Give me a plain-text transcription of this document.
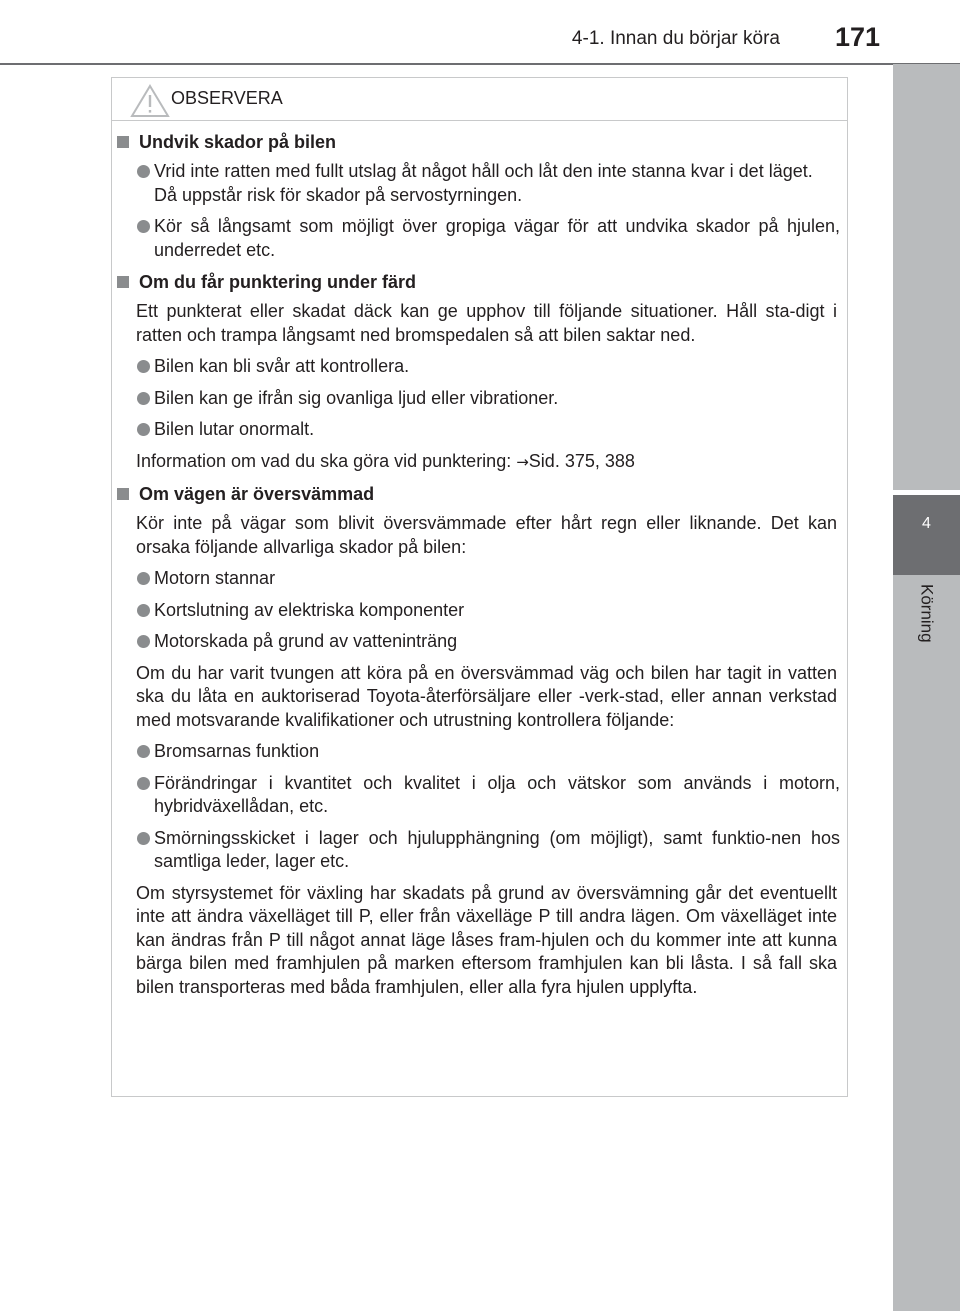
4-1. Innan du börjar köra 171
4
Körning
OBSERVERA
Undvik skador på bilen
Vrid inte ratten med fullt utslag åt något håll och låt den inte stanna kvar i det läget.
Då uppstår risk för skador på servostyrningen.
Kör så långsamt som möjligt över gropiga vägar för att undvika skador på hjulen, underredet etc.
Om du får punktering under färd
Ett punkterat eller skadat däck kan ge upphov till följande situationer. Håll sta-digt i ratten och trampa långsamt ned bromspedalen så att bilen saktar ned.
Bilen kan bli svår att kontrollera.
Bilen kan ge ifrån sig ovanliga ljud eller vibrationer.
Bilen lutar onormalt.
Information om vad du ska göra vid punktering: →Sid. 375, 388
Om vägen är översvämmad
Kör inte på vägar som blivit översvämmade efter hårt regn eller liknande. Det kan orsaka följande allvarliga skador på bilen:
Motorn stannar
Kortslutning av elektriska komponenter
Motorskada på grund av vatteninträng
Om du har varit tvungen att köra på en översvämmad väg och bilen har tagit in vatten ska du låta en auktoriserad Toyota-återförsäljare eller -verk-stad, eller annan verkstad med motsvarande kvalifikationer och utrustning kontrollera följande:
Bromsarnas funktion
Förändringar i kvantitet och kvalitet i olja och vätskor som används i motorn, hybridväxellådan, etc.
Smörningsskicket i lager och hjulupphängning (om möjligt), samt funktio-nen hos samtliga leder, lager etc.
Om styrsystemet för växling har skadats på grund av översvämning går det eventuellt inte att ändra växelläget till P, eller från växelläge P till andra lägen. Om växelläget inte kan ändras från P till något annat läge låses fram-hjulen och du kommer inte att kunna bärga bilen med framhjulen på marken eftersom framhjulen kan bli låsta. I så fall ska bilen transporteras med båda framhjulen, eller alla fyra hjulen upplyfta.
